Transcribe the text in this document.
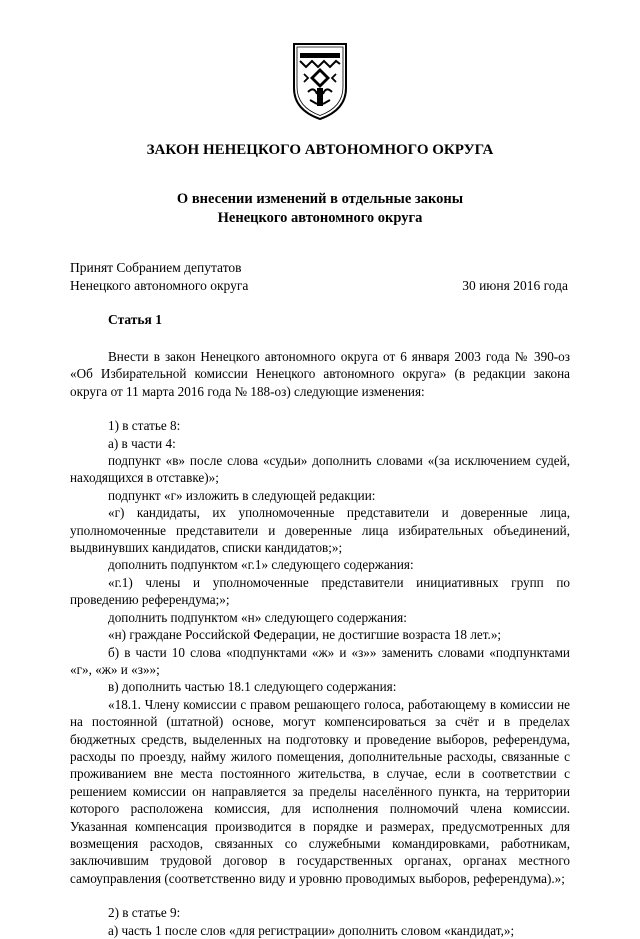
ЗАКОН НЕНЕЦКОГО АВТОНОМНОГО ОКРУГА
О внесении изменений в отдельные законы
Ненецкого автономного округа
Принят Собранием депутатов
Ненецкого автономного округа	30 июня 2016 года
Статья 1

Внести в закон Ненецкого автономного округа от 6 января 2003 года № 390-оз «Об Избирательной комиссии Ненецкого автономного округа» (в редакции закона округа от 11 марта 2016 года № 188-оз) следующие изменения:

1) в статье 8:

а) в части 4:

подпункт «в» после слова «судьи» дополнить словами «(за исключением судей, находящихся в отставке)»;

подпункт «г» изложить в следующей редакции:

«г) кандидаты, их уполномоченные представители и доверенные лица, уполномоченные представители и доверенные лица избирательных объединений, выдвинувших кандидатов, списки кандидатов;»;

дополнить подпунктом «г.1» следующего содержания:

«г.1) члены и уполномоченные представители инициативных групп по проведению референдума;»;

дополнить подпунктом «н» следующего содержания:

«н) граждане Российской Федерации, не достигшие возраста 18 лет.»;

б) в части 10 слова «подпунктами «ж» и «з»» заменить словами «подпунктами «г», «ж» и «з»»;

в) дополнить частью 18.1 следующего содержания:

«18.1. Члену комиссии с правом решающего голоса, работающему в комиссии не на постоянной (штатной) основе, могут компенсироваться за счёт и в пределах бюджетных средств, выделенных на подготовку и проведение выборов, референдума, расходы по проезду, найму жилого помещения, дополнительные расходы, связанные с проживанием вне места постоянного жительства, в случае, если в соответствии с решением комиссии он направляется за пределы населённого пункта, на территории которого расположена комиссия, для исполнения полномочий члена комиссии. Указанная компенсация производится в порядке и размерах, предусмотренных для возмещения расходов, связанных со служебными командировками, работникам, заключившим трудовой договор в государственных органах, органах местного самоуправления (соответственно виду и уровню проводимых выборов, референдума).»;

2) в статье 9:

а) часть 1 после слов «для регистрации» дополнить словом «кандидат,»;
